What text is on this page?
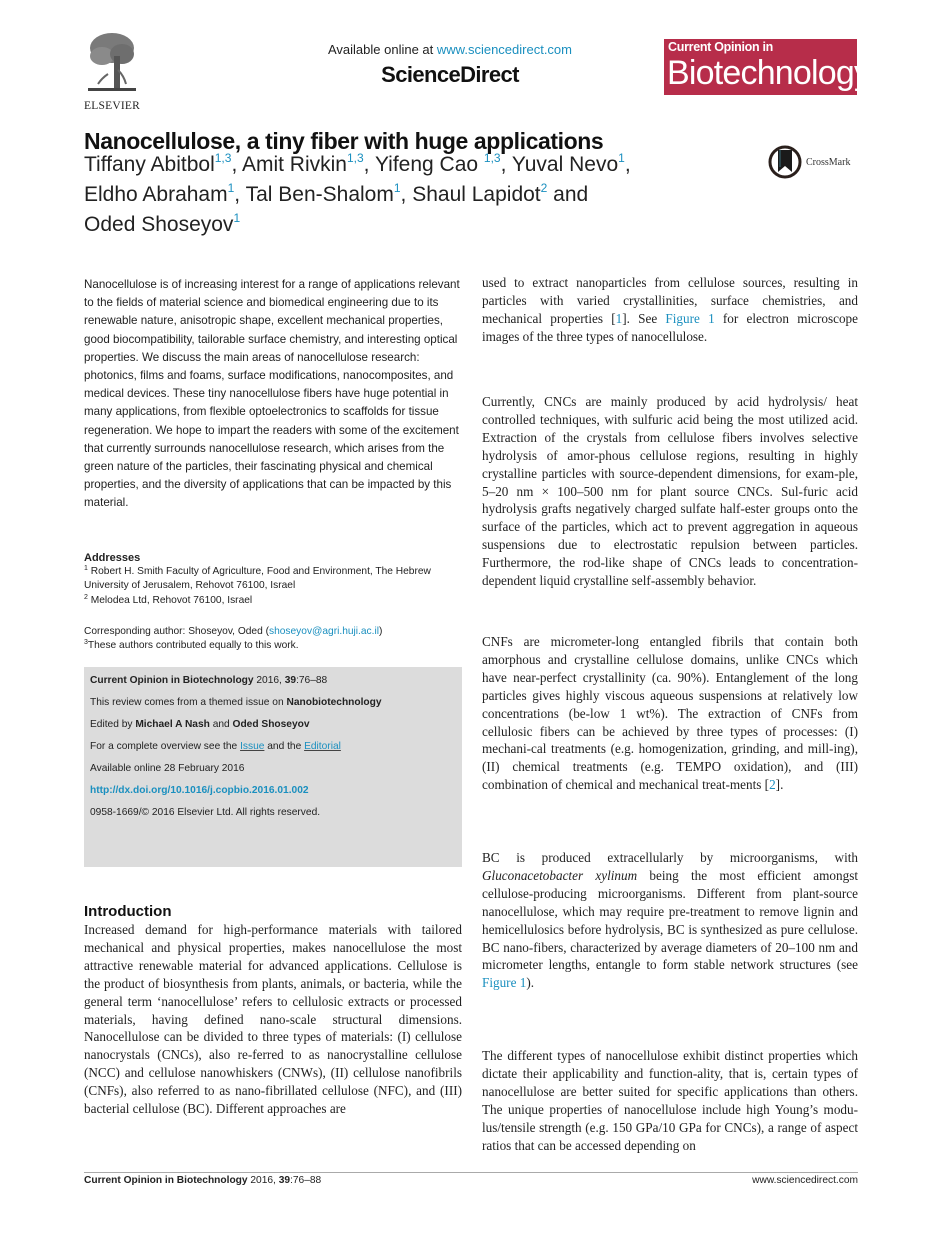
ELSEVIER
Available online at www.sciencedirect.com
ScienceDirect
Current Opinion in
Biotechnology
Nanocellulose, a tiny fiber with huge applications
Tiffany Abitbol$^{1,3}$, Amit Rivkin$^{1,3}$, Yifeng Cao $^{1,3}$, Yuval Nevo$^1$,
Eldho Abraham$^1$, Tal Ben-Shalom$^1$, Shaul Lapidot$^2$ and
Oded Shoseyov$^1$
CrossMark
Nanocellulose is of increasing interest for a range of applications relevant to the fields of material science and biomedical engineering due to its renewable nature, anisotropic shape, excellent mechanical properties, good biocompatibility, tailorable surface chemistry, and interesting optical properties. We discuss the main areas of nanocellulose research: photonics, films and foams, surface modifications, nanocomposites, and medical devices. These tiny nanocellulose fibers have huge potential in many applications, from flexible optoelectronics to scaffolds for tissue regeneration. We hope to impart the readers with some of the excitement that currently surrounds nanocellulose research, which arises from the green nature of the particles, their fascinating physical and chemical properties, and the diversity of applications that can be impacted by this material.
Addresses
$^1$ Robert H. Smith Faculty of Agriculture, Food and Environment, The Hebrew University of Jerusalem, Rehovot 76100, Israel
$^2$ Melodea Ltd, Rehovot 76100, Israel
Corresponding author: Shoseyov, Oded (shoseyov@agri.huji.ac.il)
$^3$These authors contributed equally to this work.
Current Opinion in Biotechnology 2016, 39:76–88
This review comes from a themed issue on Nanobiotechnology
Edited by Michael A Nash and Oded Shoseyov
For a complete overview see the Issue and the Editorial
Available online 28 February 2016
http://dx.doi.org/10.1016/j.copbio.2016.01.002
0958-1669/© 2016 Elsevier Ltd. All rights reserved.
Introduction
Increased demand for high-performance materials with tailored mechanical and physical properties, makes nanocellulose the most attractive renewable material for advanced applications. Cellulose is the product of biosynthesis from plants, animals, or bacteria, while the general term ‘nanocellulose’ refers to cellulosic extracts or processed materials, having defined nano-scale structural dimensions. Nanocellulose can be divided to three types of materials: (I) cellulose nanocrystals (CNCs), also re-ferred to as nanocrystalline cellulose (NCC) and cellulose nanowhiskers (CNWs), (II) cellulose nanofibrils (CNFs), also referred to as nano-fibrillated cellulose (NFC), and (III) bacterial cellulose (BC). Different approaches are
used to extract nanoparticles from cellulose sources, resulting in particles with varied crystallinities, surface chemistries, and mechanical properties [1]. See Figure 1 for electron microscope images of the three types of nanocellulose.
Currently, CNCs are mainly produced by acid hydrolysis/ heat controlled techniques, with sulfuric acid being the most utilized acid. Extraction of the crystals from cellulose fibers involves selective hydrolysis of amor-phous cellulose regions, resulting in highly crystalline particles with source-dependent dimensions, for exam-ple, 5–20 nm × 100–500 nm for plant source CNCs. Sul-furic acid hydrolysis grafts negatively charged sulfate half-ester groups onto the surface of the particles, which act to prevent aggregation in aqueous suspensions due to electrostatic repulsion between particles. Furthermore, the rod-like shape of CNCs leads to concentration-dependent liquid crystalline self-assembly behavior.
CNFs are micrometer-long entangled fibrils that contain both amorphous and crystalline cellulose domains, unlike CNCs which have near-perfect crystallinity (ca. 90%). Entanglement of the long particles gives highly viscous aqueous suspensions at relatively low concentrations (be-low 1 wt%). The extraction of CNFs from cellulosic fibers can be achieved by three types of processes: (I) mechani-cal treatments (e.g. homogenization, grinding, and mill-ing), (II) chemical treatments (e.g. TEMPO oxidation), and (III) combination of chemical and mechanical treat-ments [2].
BC is produced extracellularly by microorganisms, with Gluconacetobacter xylinum being the most efficient amongst cellulose-producing microorganisms. Different from plant-source nanocellulose, which may require pre-treatment to remove lignin and hemicellulosics before hydrolysis, BC is synthesized as pure cellulose. BC nano-fibers, characterized by average diameters of 20–100 nm and micrometer lengths, entangle to form stable network structures (see Figure 1).
The different types of nanocellulose exhibit distinct properties which dictate their applicability and function-ality, that is, certain types of nanocellulose are better suited for specific applications than others. The unique properties of nanocellulose include high Young’s modu-lus/tensile strength (e.g. 150 GPa/10 GPa for CNCs), a range of aspect ratios that can be accessed depending on
Current Opinion in Biotechnology 2016, 39:76–88	www.sciencedirect.com
